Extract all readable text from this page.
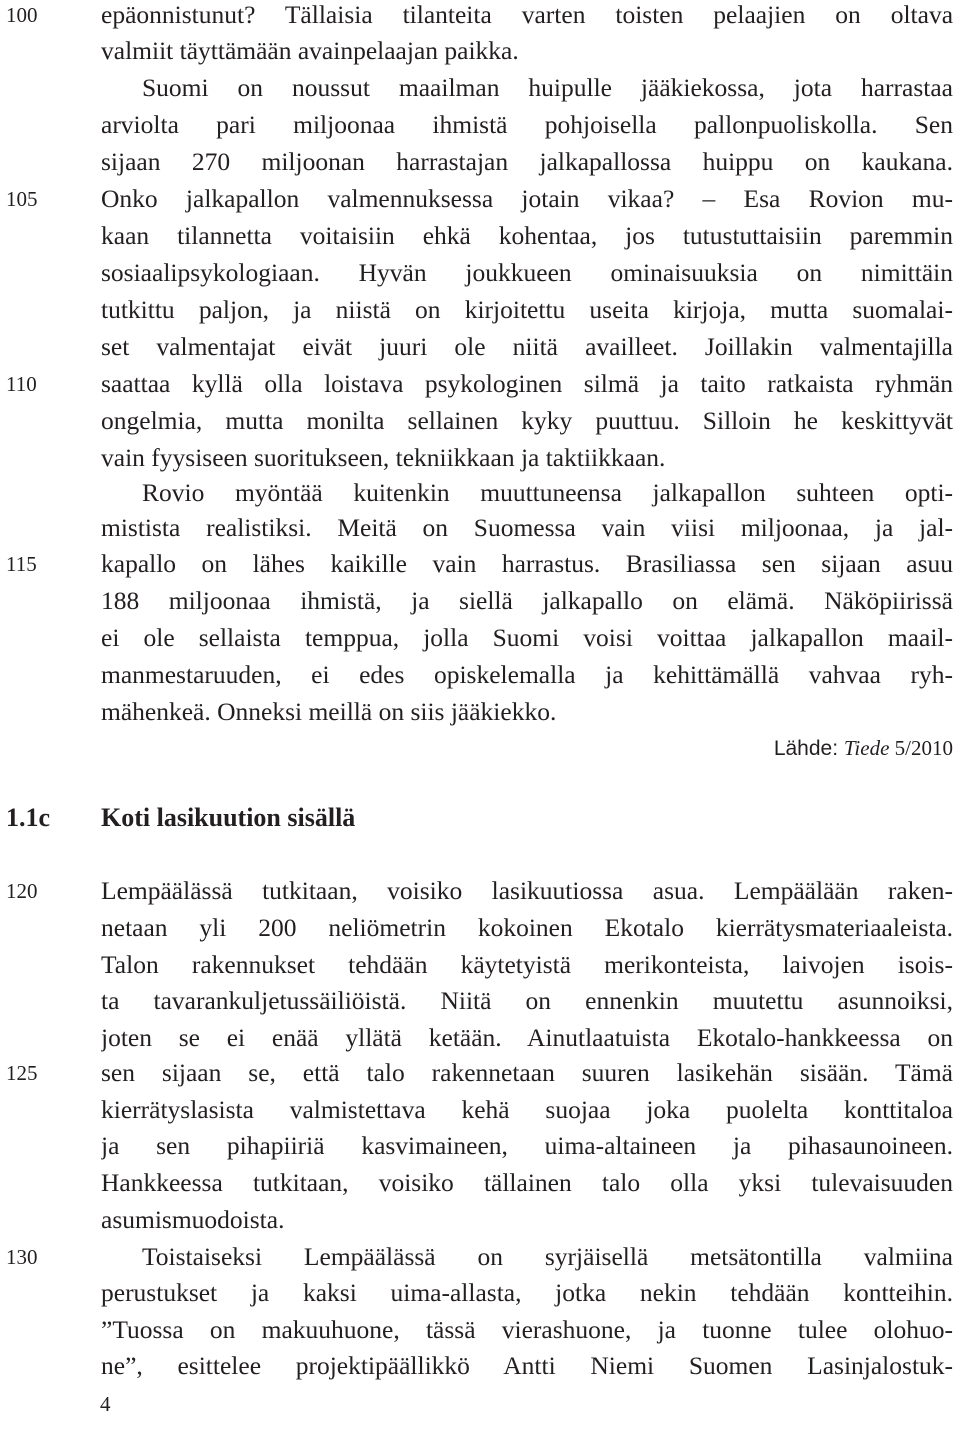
100
105
110
115
120
125
130
epäonnistunut? Tällaisia tilanteita varten toisten pelaajien on oltava
valmiit täyttämään avainpelaajan paikka.
Suomi on noussut maailman huipulle jääkiekossa, jota harrastaa
arviolta pari miljoonaa ihmistä pohjoisella pallonpuoliskolla. Sen
sijaan 270 miljoonan harrastajan jalkapallossa huippu on kaukana.
Onko jalkapallon valmennuksessa jotain vikaa? – Esa Rovion mu-
kaan tilannetta voitaisiin ehkä kohentaa, jos tutustuttaisiin paremmin
sosiaalipsykologiaan. Hyvän joukkueen ominaisuuksia on nimittäin
tutkittu paljon, ja niistä on kirjoitettu useita kirjoja, mutta suomalai-
set valmentajat eivät juuri ole niitä availleet. Joillakin valmentajilla
saattaa kyllä olla loistava psykologinen silmä ja taito ratkaista ryhmän
ongelmia, mutta monilta sellainen kyky puuttuu. Silloin he keskittyvät
vain fyysiseen suoritukseen, tekniikkaan ja taktiikkaan.
Rovio myöntää kuitenkin muuttuneensa jalkapallon suhteen opti-
mistista realistiksi. Meitä on Suomessa vain viisi miljoonaa, ja jal-
kapallo on lähes kaikille vain harrastus. Brasiliassa sen sijaan asuu
188 miljoonaa ihmistä, ja siellä jalkapallo on elämä. Näköpiirissä
ei ole sellaista temppua, jolla Suomi voisi voittaa jalkapallon maail-
manmestaruuden, ei edes opiskelemalla ja kehittämällä vahvaa ryh-
mähenkeä. Onneksi meillä on siis jääkiekko.
Lähde: Tiede 5/2010
1.1c Koti lasikuution sisällä
Lempäälässä tutkitaan, voisiko lasikuutiossa asua. Lempäälään raken-
netaan yli 200 neliömetrin kokoinen Ekotalo kierrätysmateriaaleista.
Talon rakennukset tehdään käytetyistä merikonteista, laivojen isois-
ta tavarankuljetussäiliöistä. Niitä on ennenkin muutettu asunnoiksi,
joten se ei enää yllätä ketään. Ainutlaatuista Ekotalo-hankkeessa on
sen sijaan se, että talo rakennetaan suuren lasikehän sisään. Tämä
kierrätyslasista valmistettava kehä suojaa joka puolelta konttitaloa
ja sen pihapiiriä kasvimaineen, uima-altaineen ja pihasaunoineen.
Hankkeessa tutkitaan, voisiko tällainen talo olla yksi tulevaisuuden
asumismuodoista.
Toistaiseksi Lempäälässä on syrjäisellä metsätontilla valmiina
perustukset ja kaksi uima-allasta, jotka nekin tehdään kontteihin.
”Tuossa on makuuhuone, tässä vierashuone, ja tuonne tulee olohuo-
ne”, esittelee projektipäällikkö Antti Niemi Suomen Lasinjalostuk-
4
